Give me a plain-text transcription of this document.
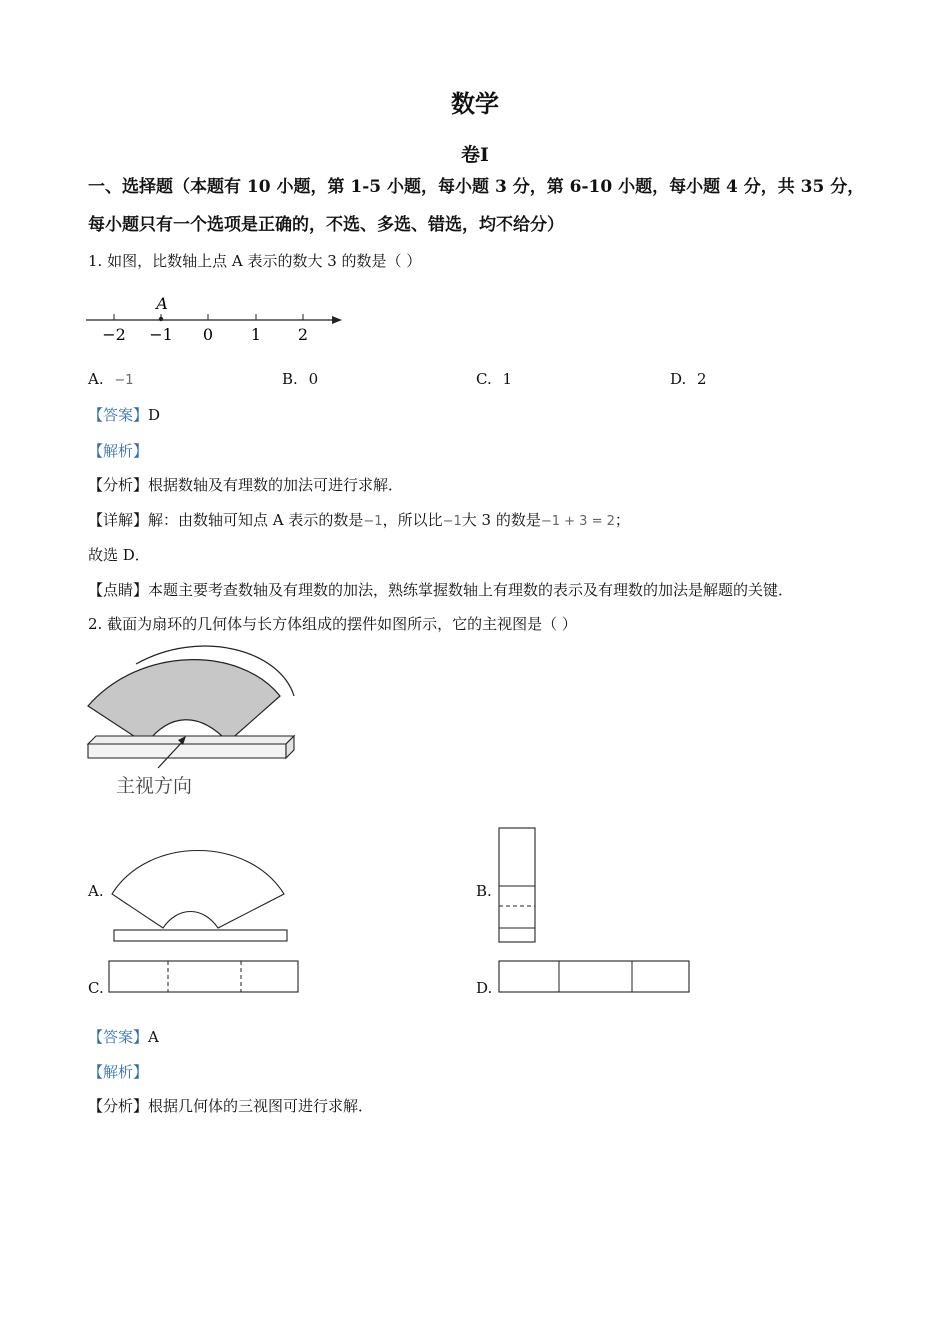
数学
卷Ⅰ
一、选择题（本题有 10 小题，第 1-5 小题，每小题 3 分，第 6-10 小题，每小题 4 分，共 35 分，
每小题只有一个选项是正确的，不选、多选、错选，均不给分）
1. 如图，比数轴上点 A 表示的数大 3 的数是（ ）
A
−2 −1 0 1 2
A. −1	B. 0	C. 1	D. 2
【答案】D
【解析】
【分析】根据数轴及有理数的加法可进行求解．
【详解】解：由数轴可知点 A 表示的数是−1，所以比−1大 3 的数是−1 + 3 = 2；
故选 D．
【点睛】本题主要考查数轴及有理数的加法，熟练掌握数轴上有理数的表示及有理数的加法是解题的关键．
2. 截面为扇环的几何体与长方体组成的摆件如图所示，它的主视图是（ ）
主视方向
A.	B.
C.	D.
【答案】A
【解析】
【分析】根据几何体的三视图可进行求解．
